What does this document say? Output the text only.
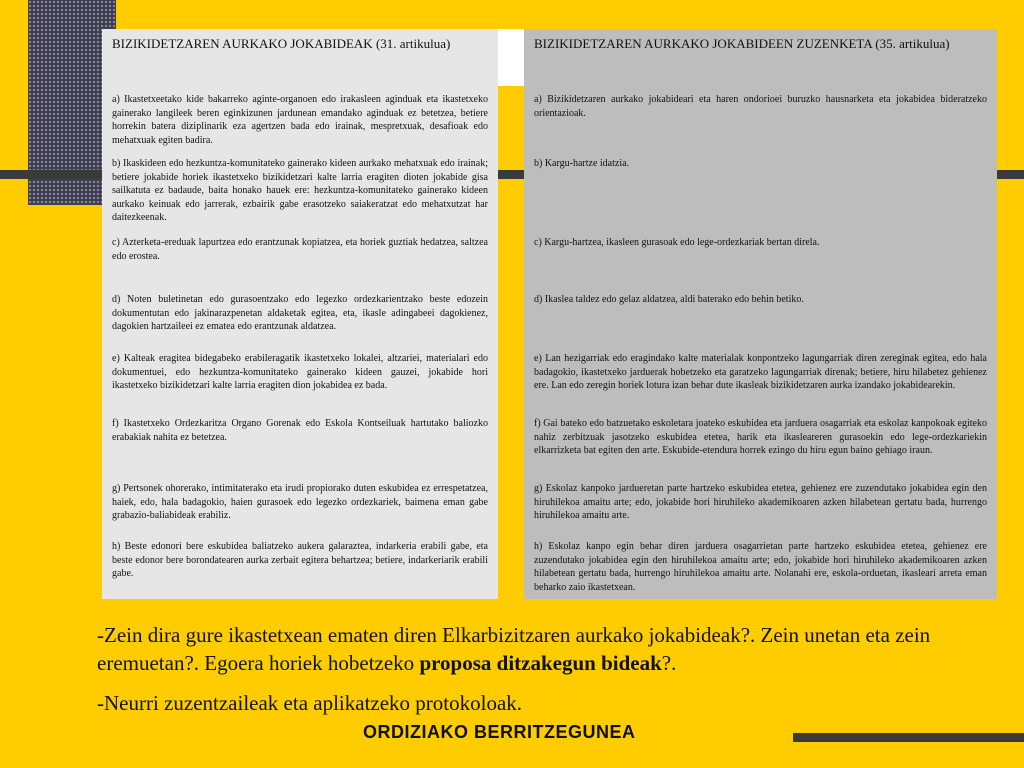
BIZIKIDETZAREN AURKAKO JOKABIDEAK (31. artikulua)
a) Ikastetxeetako kide bakarreko aginte-organoen edo irakasleen aginduak eta ikastetxeko gainerako langileek beren eginkizunen jardunean emandako aginduak ez betetzea, betiere horrekin batera diziplinarik eza agertzen bada edo irainak, mespretxuak, desafioak edo mehatxuak egiten badira.
b) Ikaskideen edo hezkuntza-komunitateko gainerako kideen aurkako mehatxuak edo irainak; betiere jokabide horiek ikastetxeko bizikidetzari kalte larria eragiten dioten jokabide gisa sailkatuta ez badaude, baita honako hauek ere: hezkuntza-komunitateko gainerako kideen aurkako keinuak edo jarrerak, ezbairik gabe erasotzeko saiakeratzat edo mehatxutzat har daitezkeenak.
c) Azterketa-ereduak lapurtzea edo erantzunak kopiatzea, eta horiek guztiak hedatzea, saltzea edo erostea.
d) Noten buletinetan edo gurasoentzako edo legezko ordezkarientzako beste edozein dokumentutan edo jakinarazpenetan aldaketak egitea, eta, ikasle adingabeei dagokienez, dagokien hartzaileei ez ematea edo erantzunak aldatzea.
e) Kalteak eragitea bidegabeko erabileragatik ikastetxeko lokalei, altzariei, materialari edo dokumentuei, edo hezkuntza-komunitateko gainerako kideen gauzei, jokabide hori ikastetxeko bizikidetzari kalte larria eragiten dion jokabidea ez bada.
f) Ikastetxeko Ordezkaritza Organo Gorenak edo Eskola Kontseiluak hartutako baliozko erabakiak nahita ez betetzea.
g) Pertsonek ohorerako, intimitaterako eta irudi propiorako duten eskubidea ez errespetatzea, haiek, edo, hala badagokio, haien gurasoek edo legezko ordezkariek, baimena eman gabe grabazio-baliabideak erabiliz.
h) Beste edonori bere eskubidea baliatzeko aukera galaraztea, indarkeria erabili gabe, eta beste edonor bere borondatearen aurka zerbait egitera behartzea; betiere, indarkeriarik erabili gabe.
BIZIKIDETZAREN AURKAKO JOKABIDEEN ZUZENKETA (35. artikulua)
a) Bizikidetzaren aurkako jokabideari eta haren ondorioei buruzko hausnarketa eta jokabidea bideratzeko orientazioak.
b) Kargu-hartze idatzia.
c) Kargu-hartzea, ikasleen gurasoak edo lege-ordezkariak bertan direla.
d) Ikaslea taldez edo gelaz aldatzea, aldi baterako edo behin betiko.
e) Lan hezigarriak edo eragindako kalte materialak konpontzeko lagungarriak diren zereginak egitea, edo hala badagokio, ikastetxeko jarduerak hobetzeko eta garatzeko lagungarriak direnak; betiere, hiru hilabetez gehienez ere. Lan edo zeregin horiek lotura izan behar dute ikasleak bizikidetzaren aurka izandako jokabidearekin.
f) Gai bateko edo batzuetako eskoletara joateko eskubidea eta jarduera osagarriak eta eskolaz kanpokoak egiteko nahiz zerbitzuak jasotzeko eskubidea etetea, harik eta ikasleareren gurasoekin edo lege-ordezkariekin elkarrizketa bat egiten den arte. Eskubide-etendura horrek ezingo du hiru egun baino gehiago iraun.
g) Eskolaz kanpoko jardueretan parte hartzeko eskubidea etetea, gehienez ere zuzendutako jokabidea egin den hiruhilekoa amaitu arte; edo, jokabide hori hiruhileko akademikoaren azken hilabetean gertatu bada, hurrengo hiruhilekoa amaitu arte.
h) Eskolaz kanpo egin behar diren jarduera osagarrietan parte hartzeko eskubidea etetea, gehienez ere zuzendutako jokabidea egin den hiruhilekoa amaitu arte; edo, jokabide hori hiruhileko akademikoaren azken hilabetean gertatu bada, hurrengo hiruhilekoa amaitu arte. Nolanahi ere, eskola-orduetan, ikasleari arreta eman beharko zaio ikastetxean.
-Zein dira gure ikastetxean ematen diren Elkarbizitzaren aurkako jokabideak?. Zein unetan eta zein eremuetan?. Egoera horiek hobetzeko proposa ditzakegun bideak?.
-Neurri zuzentzaileak eta aplikatzeko protokoloak.
ORDIZIAKO BERRITZEGUNEA
